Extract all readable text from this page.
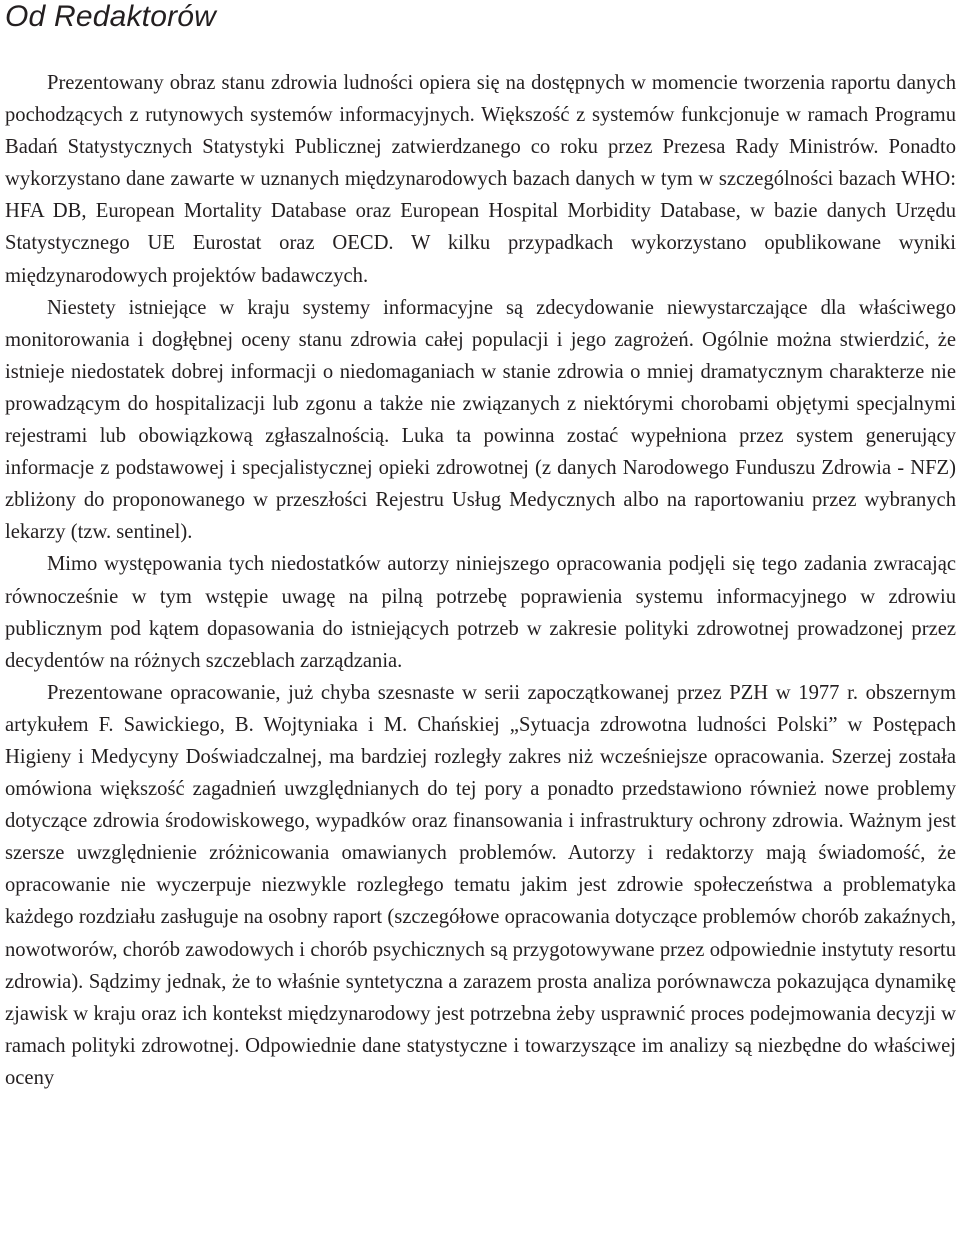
Od Redaktorów

Prezentowany obraz stanu zdrowia ludności opiera się na dostępnych w momencie tworzenia raportu danych pochodzących z rutynowych systemów informacyjnych. Większość z systemów funkcjonuje w ramach Programu Badań Statystycznych Statystyki Publicznej zatwierdzanego co roku przez Prezesa Rady Ministrów. Ponadto wykorzystano dane zawarte w uznanych międzynarodowych bazach danych w tym w szczególności bazach WHO: HFA DB, European Mortality Database oraz European Hospital Morbidity Database, w bazie danych Urzędu Statystycznego UE Eurostat oraz OECD. W kilku przypadkach wykorzystano opublikowane wyniki międzynarodowych projektów badawczych.

Niestety istniejące w kraju systemy informacyjne są zdecydowanie niewystarczające dla właściwego monitorowania i dogłębnej oceny stanu zdrowia całej populacji i jego zagrożeń. Ogólnie można stwierdzić, że istnieje niedostatek dobrej informacji o niedomaganiach w stanie zdrowia o mniej dramatycznym charakterze nie prowadzącym do hospitalizacji lub zgonu a także nie związanych z niektórymi chorobami objętymi specjalnymi rejestrami lub obowiązkową zgłaszalnością. Luka ta powinna zostać wypełniona przez system generujący informacje z podstawowej i specjalistycznej opieki zdrowotnej (z danych Narodowego Funduszu Zdrowia - NFZ) zbliżony do proponowanego w przeszłości Rejestru Usług Medycznych albo na raportowaniu przez wybranych lekarzy (tzw. sentinel).

Mimo występowania tych niedostatków autorzy niniejszego opracowania podjęli się tego zadania zwracając równocześnie w tym wstępie uwagę na pilną potrzebę poprawienia systemu informacyjnego w zdrowiu publicznym pod kątem dopasowania do istniejących potrzeb w zakresie polityki zdrowotnej prowadzonej przez decydentów na różnych szczeblach zarządzania.

Prezentowane opracowanie, już chyba szesnaste w serii zapoczątkowanej przez PZH w 1977 r. obszernym artykułem F. Sawickiego, B. Wojtyniaka i M. Chańskiej „Sytuacja zdrowotna ludności Polski” w Postępach Higieny i Medycyny Doświadczalnej, ma bardziej rozległy zakres niż wcześniejsze opracowania. Szerzej została omówiona większość zagadnień uwzględnianych do tej pory a ponadto przedstawiono również nowe problemy dotyczące zdrowia środowiskowego, wypadków oraz finansowania i infrastruktury ochrony zdrowia. Ważnym jest szersze uwzględnienie zróżnicowania omawianych problemów. Autorzy i redaktorzy mają świadomość, że opracowanie nie wyczerpuje niezwykle rozległego tematu jakim jest zdrowie społeczeństwa a problematyka każdego rozdziału zasługuje na osobny raport (szczegółowe opracowania dotyczące problemów chorób zakaźnych, nowotworów, chorób zawodowych i chorób psychicznych są przygotowywane przez odpowiednie instytuty resortu zdrowia). Sądzimy jednak, że to właśnie syntetyczna a zarazem prosta analiza porównawcza pokazująca dynamikę zjawisk w kraju oraz ich kontekst międzynarodowy jest potrzebna żeby usprawnić proces podejmowania decyzji w ramach polityki zdrowotnej. Odpowiednie dane statystyczne i towarzyszące im analizy są niezbędne do właściwej oceny
